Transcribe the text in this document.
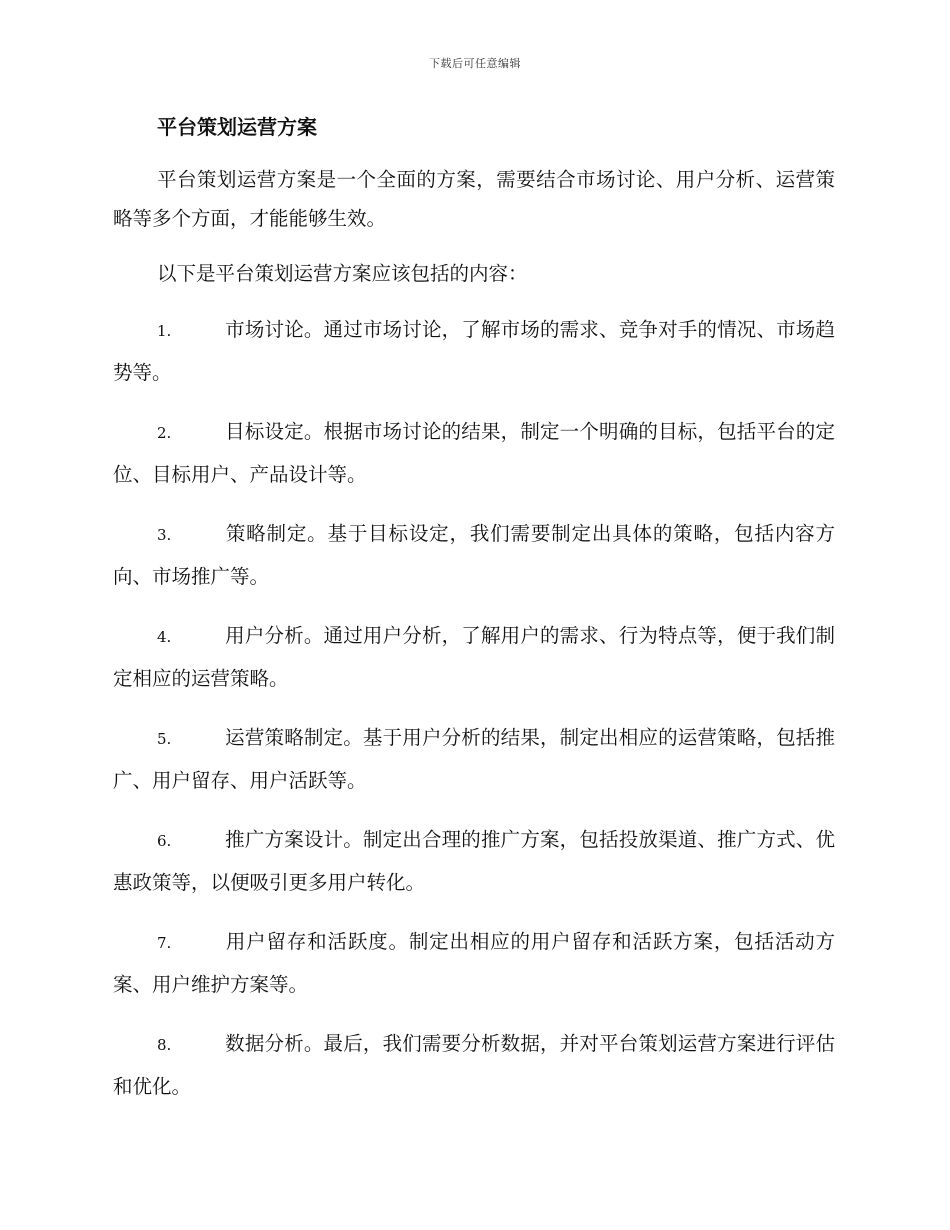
下载后可任意编辑
平台策划运营方案

平台策划运营方案是一个全面的方案，需要结合市场讨论、用户分析、运营策略等多个方面，才能能够生效。

以下是平台策划运营方案应该包括的内容：

1.	市场讨论。通过市场讨论，了解市场的需求、竞争对手的情况、市场趋势等。

2.	目标设定。根据市场讨论的结果，制定一个明确的目标，包括平台的定位、目标用户、产品设计等。

3.	策略制定。基于目标设定，我们需要制定出具体的策略，包括内容方向、市场推广等。

4.	用户分析。通过用户分析，了解用户的需求、行为特点等，便于我们制定相应的运营策略。

5.	运营策略制定。基于用户分析的结果，制定出相应的运营策略，包括推广、用户留存、用户活跃等。

6.	推广方案设计。制定出合理的推广方案，包括投放渠道、推广方式、优惠政策等，以便吸引更多用户转化。

7.	用户留存和活跃度。制定出相应的用户留存和活跃方案，包括活动方案、用户维护方案等。

8.	数据分析。最后，我们需要分析数据，并对平台策划运营方案进行评估和优化。
